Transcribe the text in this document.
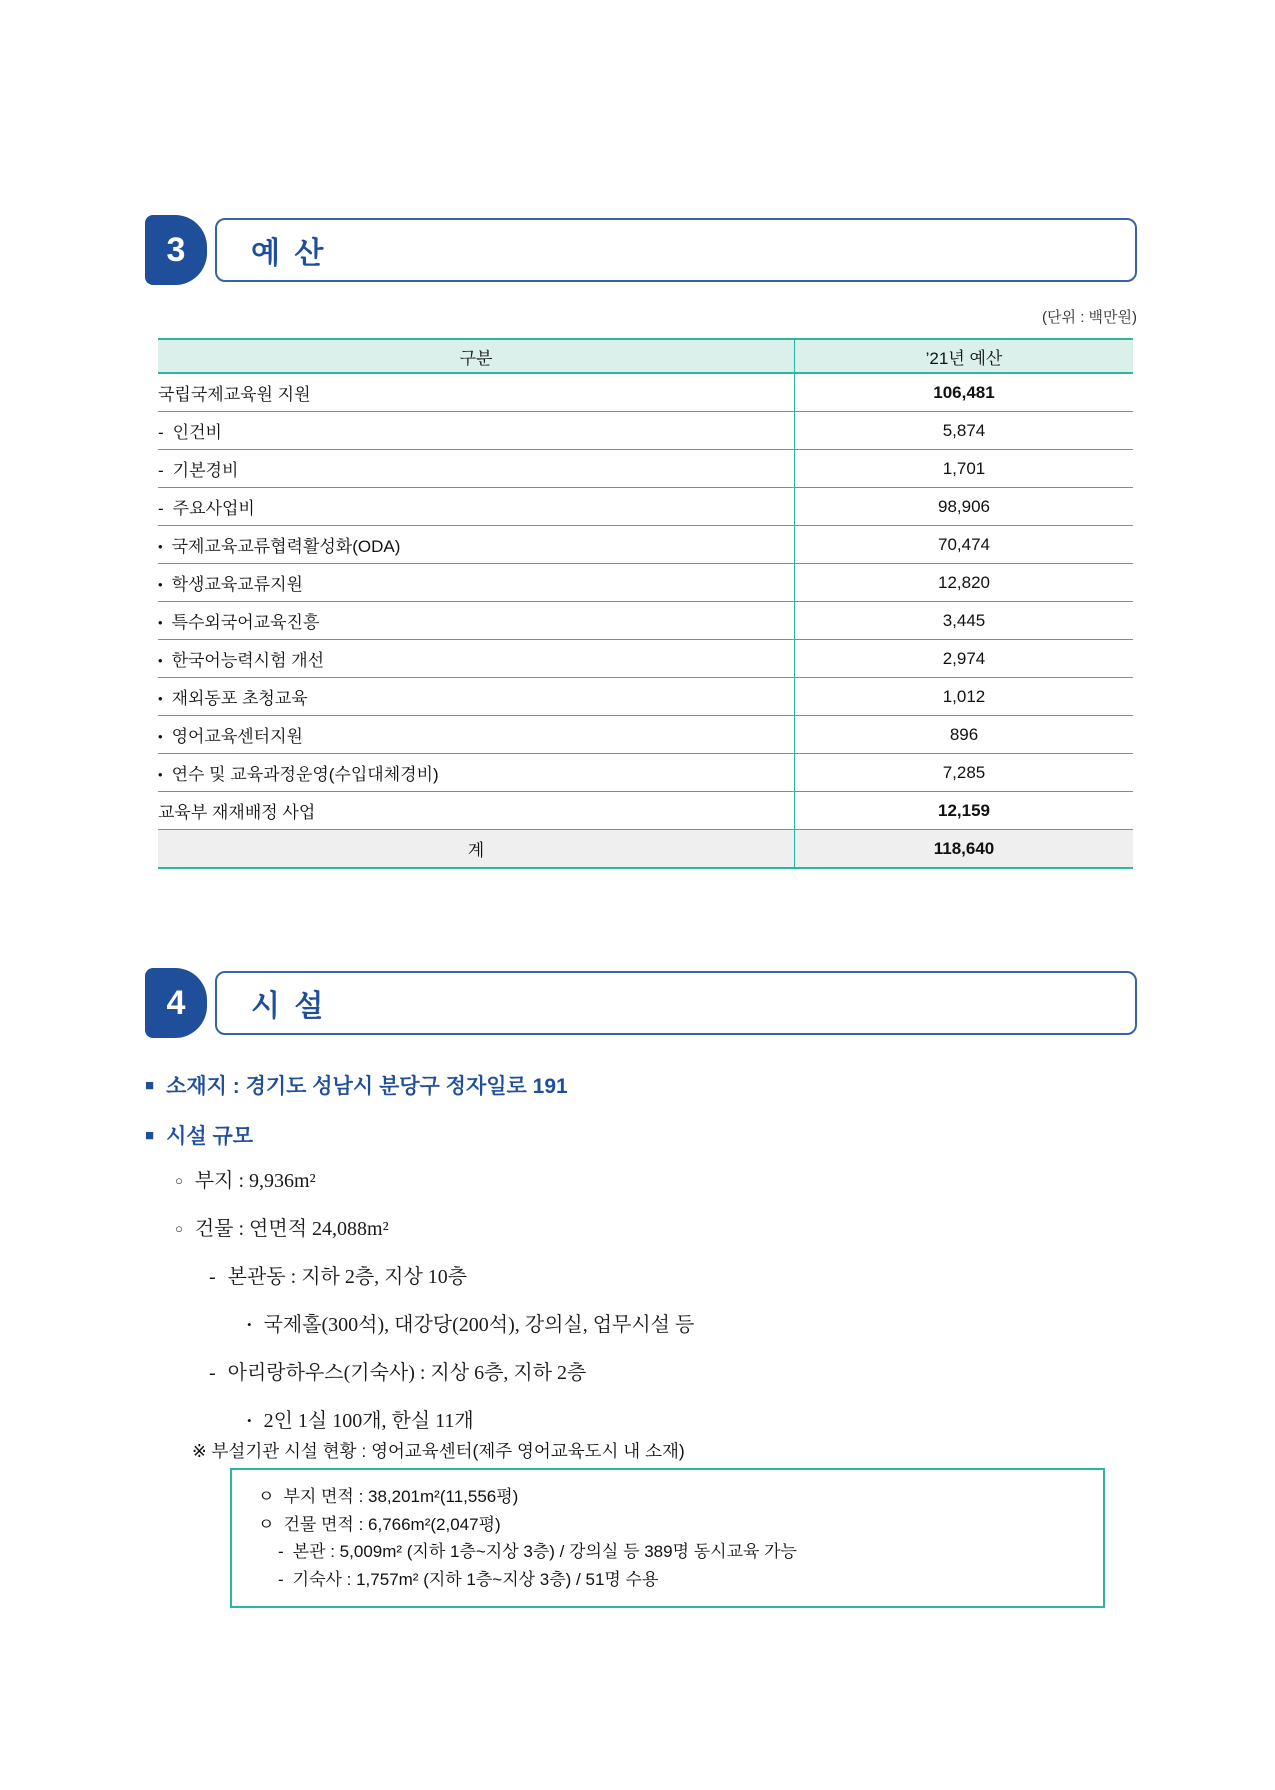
3	예 산
(단위 : 백만원)
구분	’21년 예산
국립국제교육원 지원	106,481
- 인건비	5,874
- 기본경비	1,701
- 주요사업비	98,906
• 국제교육교류협력활성화(ODA)	70,474
• 학생교육교류지원	12,820
• 특수외국어교육진흥	3,445
• 한국어능력시험 개선	2,974
• 재외동포 초청교육	1,012
• 영어교육센터지원	896
• 연수 및 교육과정운영(수입대체경비)	7,285
교육부 재재배정 사업	12,159
계	118,640
4	시 설
■ 소재지 : 경기도 성남시 분당구 정자일로 191
■ 시설 규모
○ 부지 : 9,936m²
○ 건물 : 연면적 24,088m²
- 본관동 : 지하 2층, 지상 10층
• 국제홀(300석), 대강당(200석), 강의실, 업무시설 등
- 아리랑하우스(기숙사) : 지상 6층, 지하 2층
• 2인 1실 100개, 한실 11개
※ 부설기관 시설 현황 : 영어교육센터(제주 영어교육도시 내 소재)
ㅇ 부지 면적 : 38,201m²(11,556평)
ㅇ 건물 면적 : 6,766m²(2,047평)
- 본관 : 5,009m² (지하 1층~지상 3층) / 강의실 등 389명 동시교육 가능
- 기숙사 : 1,757m² (지하 1층~지상 3층) / 51명 수용
